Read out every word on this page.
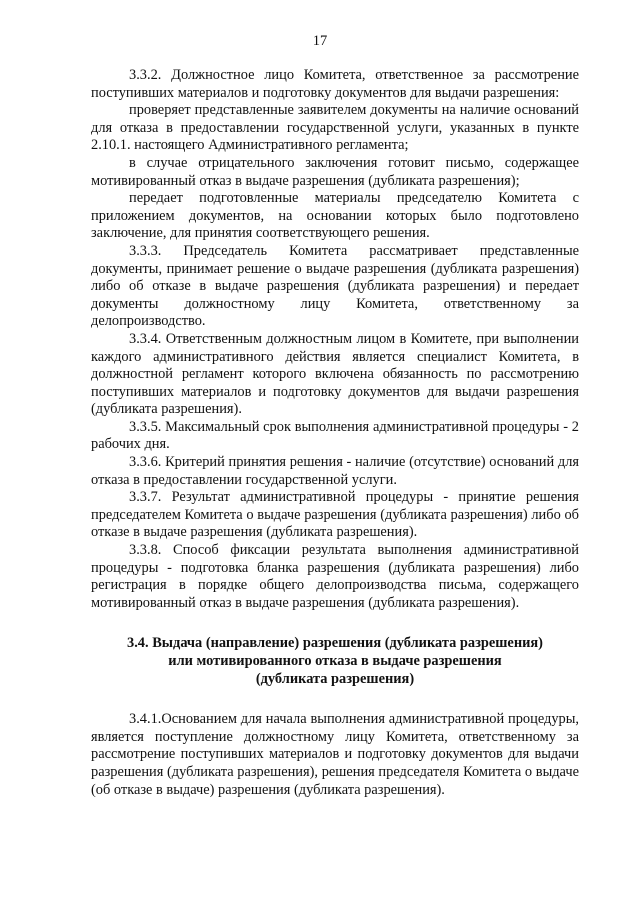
17

3.3.2. Должностное лицо Комитета, ответственное за рассмотрение поступивших материалов и подготовку документов для выдачи разрешения:

проверяет представленные заявителем документы на наличие оснований для отказа в предоставлении государственной услуги, указанных в пункте 2.10.1. настоящего Административного регламента;

в случае отрицательного заключения готовит письмо, содержащее мотивированный отказ в выдаче разрешения (дубликата разрешения);

передает подготовленные материалы председателю Комитета с приложением документов, на основании которых было подготовлено заключение, для принятия соответствующего решения.

3.3.3. Председатель Комитета рассматривает представленные документы, принимает решение о выдаче разрешения (дубликата разрешения) либо об отказе в выдаче разрешения (дубликата разрешения) и передает документы должностному лицу Комитета, ответственному за делопроизводство.

3.3.4. Ответственным должностным лицом в Комитете, при выполнении каждого административного действия является специалист Комитета, в должностной регламент которого включена обязанность по рассмотрению поступивших материалов и подготовку документов для выдачи разрешения (дубликата разрешения).

3.3.5. Максимальный срок выполнения административной процедуры - 2 рабочих дня.

3.3.6. Критерий принятия решения - наличие (отсутствие) оснований для отказа в предоставлении государственной услуги.

3.3.7. Результат административной процедуры - принятие решения председателем Комитета о выдаче разрешения (дубликата разрешения) либо об отказе в выдаче разрешения (дубликата разрешения).

3.3.8. Способ фиксации результата выполнения административной процедуры - подготовка бланка разрешения (дубликата разрешения) либо регистрация в порядке общего делопроизводства письма, содержащего мотивированный отказ в выдаче разрешения (дубликата разрешения).

3.4. Выдача (направление) разрешения (дубликата разрешения)
или мотивированного отказа в выдаче разрешения
(дубликата разрешения)

3.4.1.Основанием для начала выполнения административной процедуры, является поступление должностному лицу Комитета, ответственному за рассмотрение поступивших материалов и подготовку документов для выдачи разрешения (дубликата разрешения), решения председателя Комитета о выдаче (об отказе в выдаче) разрешения (дубликата разрешения).
